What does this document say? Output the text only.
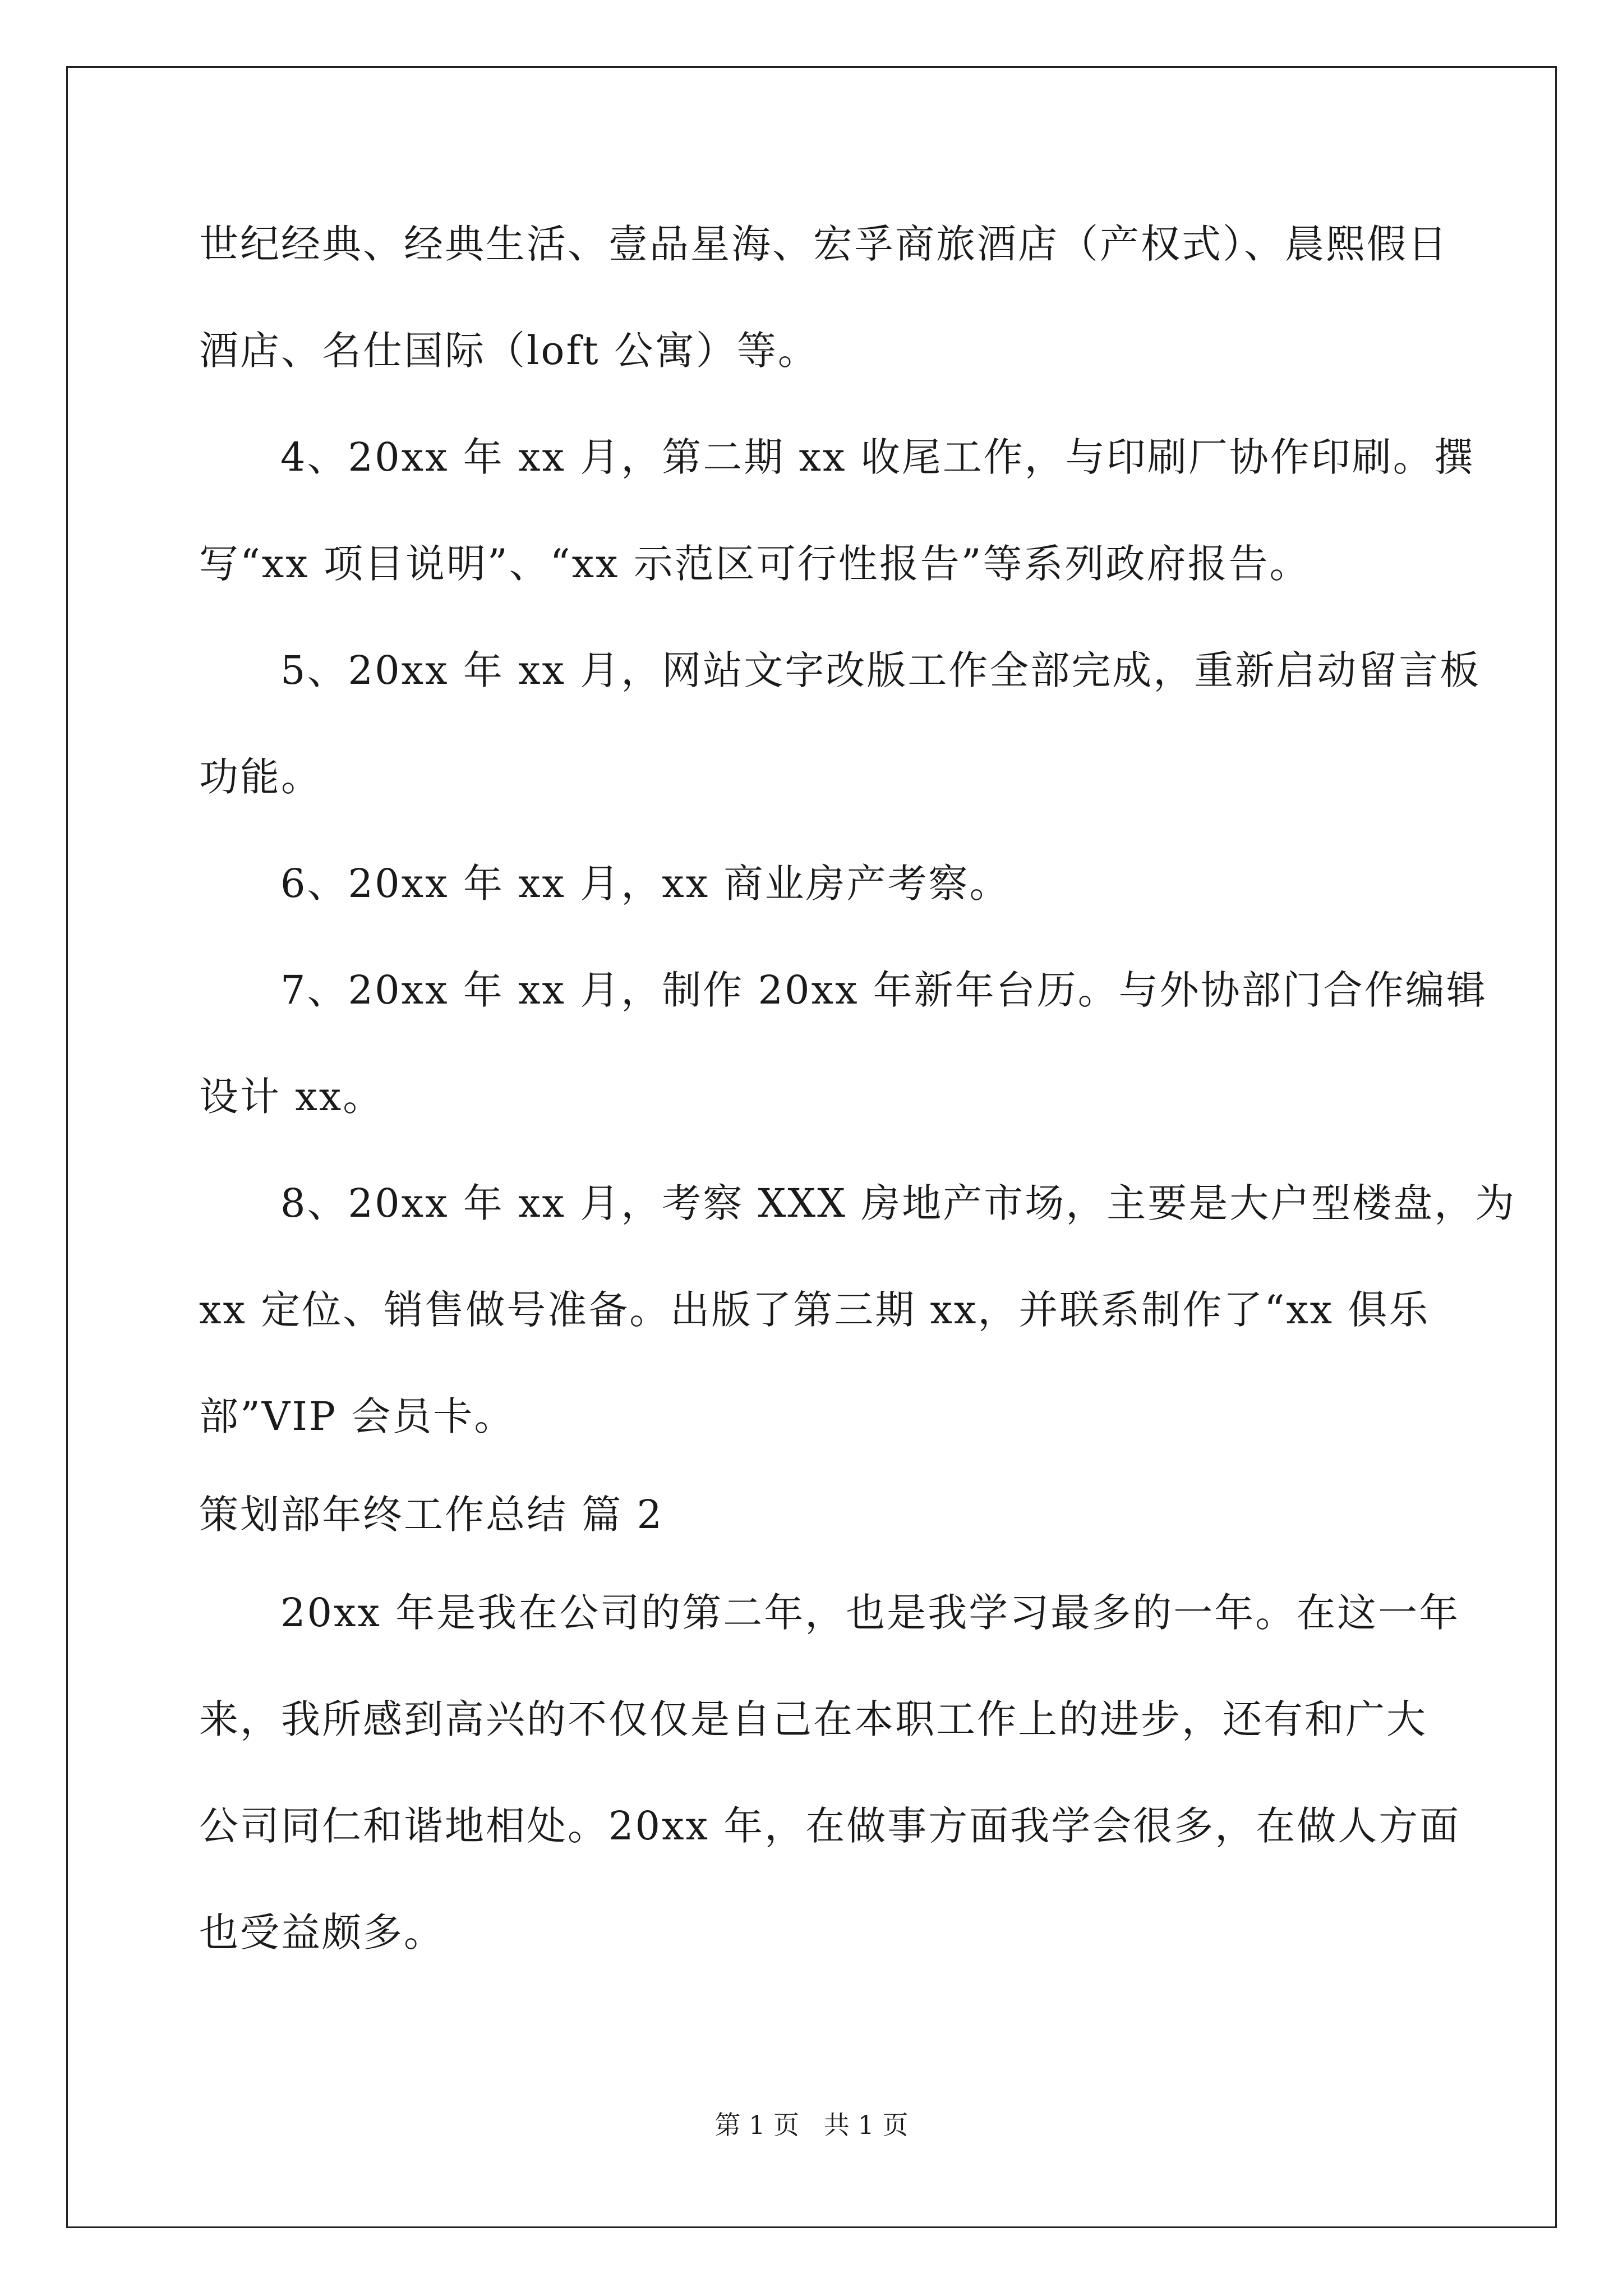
世纪经典、经典生活、壹品星海、宏孚商旅酒店（产权式）、晨熙假日
酒店、名仕国际（loft 公寓）等。
4、20xx 年 xx 月，第二期 xx 收尾工作，与印刷厂协作印刷。撰
写“xx 项目说明”、“xx 示范区可行性报告”等系列政府报告。
5、20xx 年 xx 月，网站文字改版工作全部完成，重新启动留言板
功能。
6、20xx 年 xx 月，xx 商业房产考察。
7、20xx 年 xx 月，制作 20xx 年新年台历。与外协部门合作编辑
设计 xx。
8、20xx 年 xx 月，考察 XXX 房地产市场，主要是大户型楼盘，为
xx 定位、销售做号准备。出版了第三期 xx，并联系制作了“xx 俱乐
部”VIP 会员卡。
策划部年终工作总结 篇 2
20xx 年是我在公司的第二年，也是我学习最多的一年。在这一年
来，我所感到高兴的不仅仅是自己在本职工作上的进步，还有和广大
公司同仁和谐地相处。20xx 年，在做事方面我学会很多，在做人方面
也受益颇多。
第 1 页   共 1 页
